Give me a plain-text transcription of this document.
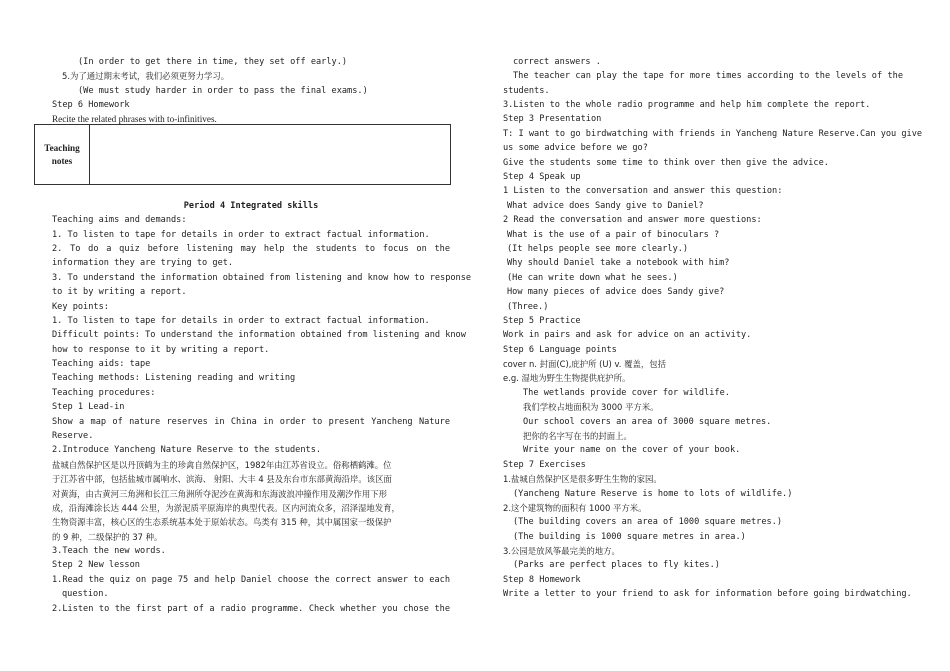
(In order to get there in time, they set off early.)
5.为了通过期末考试，我们必须更努力学习。
(We must study harder in order to pass the final exams.)
Step 6 Homework
Recite the related phrases with to-infinitives.
Period 4 Integrated skills
Teaching aims and demands:
1. To listen to tape for details in order to extract factual information.
2. To do a quiz before listening may help the students to focus on the
information they are trying to get.
3. To understand the information obtained from listening and know how to response
to it by writing a report.
Key points:
1. To listen to tape for details in order to extract factual information.
Difficult points: To understand the information obtained from listening and know
how to response to it by writing a report.
Teaching aids: tape
Teaching methods: Listening reading and writing
Teaching procedures:
Step 1 Lead-in
Show a map of nature reserves in China in order to present Yancheng Nature
Reserve.
2.Introduce Yancheng Nature Reserve to the students.
盐城自然保护区是以丹顶鹤为主的珍禽自然保护区，1982年由江苏省设立。俗称栖鹤滩。位
于江苏省中部，包括盐城市属响水、滨海、 射阳、大丰 4 县及东台市东部黄海沿岸。该区面
对黄海，由古黄河三角洲和长江三角洲所夺泥沙在黄海和东海波浪冲撞作用及潮汐作用下形
成，沿海滩涂长达 444 公里，为淤泥质平原海岸的典型代表。区内河流众多，沼泽湿地发育，
生物资源丰富，核心区的生态系统基本处于原始状态。鸟类有 315 种，其中属国家一级保护
的 9 种，二级保护的 37 种。
3.Teach the new words.
Step 2 New lesson
1.Read the quiz on page 75 and help Daniel choose the correct answer to each
question.
2.Listen to the first part of a radio programme. Check whether you chose the
Teaching
notes
correct answers .
The teacher can play the tape for more times according to the levels of the
students.
3.Listen to the whole radio programme and help him complete the report.
Step 3 Presentation
T: I want to go birdwatching with friends in Yancheng Nature Reserve.Can you give
us some advice before we go?
Give the students some time to think over then give the advice.
Step 4 Speak up
1 Listen to the conversation and answer this question:
What advice does Sandy give to Daniel?
2 Read the conversation and answer more questions:
What is the use of a pair of binoculars ?
(It helps people see more clearly.)
Why should Daniel take a notebook with him?
(He can write down what he sees.)
How many pieces of advice does Sandy give?
(Three.)
Step 5 Practice
Work in pairs and ask for advice on an activity.
Step 6 Language points
cover n. 封面(C),庇护所 (U) v. 覆盖，包括
e.g. 湿地为野生生物提供庇护所。
The wetlands provide cover for wildlife.
我们学校占地面积为 3000 平方米。
Our school covers an area of 3000 square metres.
把你的名字写在书的封面上。
Write your name on the cover of your book.
Step 7 Exercises
1.盐城自然保护区是很多野生生物的家园。
(Yancheng Nature Reserve is home to lots of wildlife.)
2.这个建筑物的面积有 1000 平方米。
(The building covers an area of 1000 square metres.)
(The building is 1000 square metres in area.)
3.公园是放风筝最完美的地方。
(Parks are perfect places to fly kites.)
Step 8 Homework
Write a letter to your friend to ask for information before going birdwatching.
